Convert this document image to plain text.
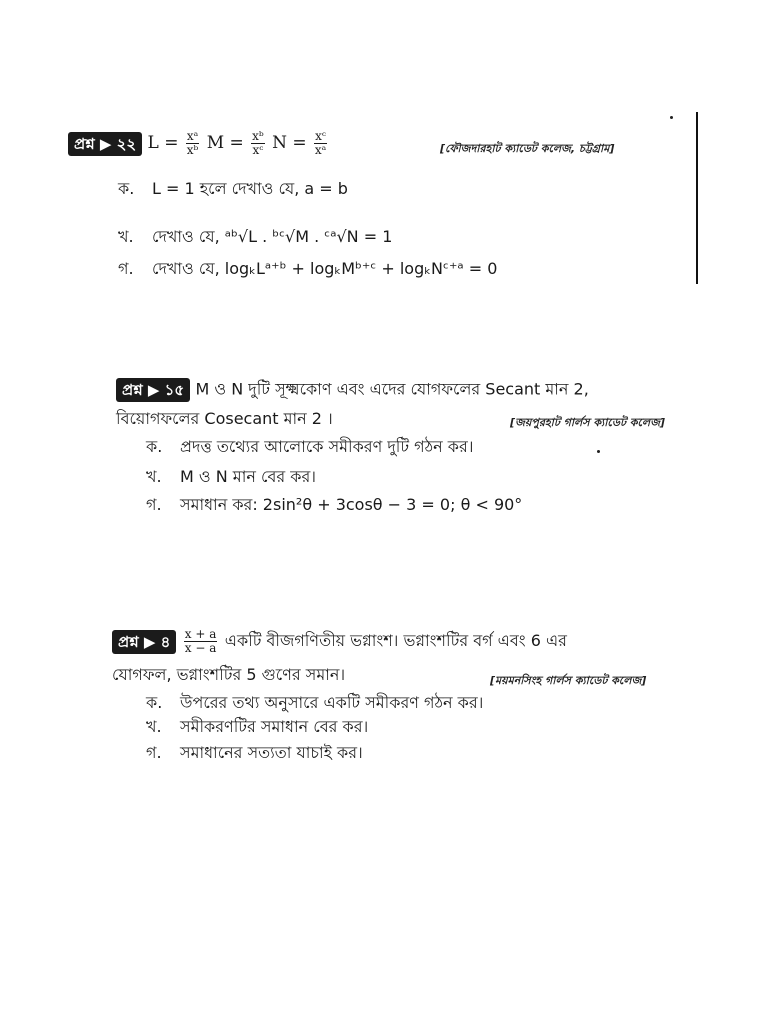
প্রশ্ন ▶ ২২ $L = \frac{\text{xᵃ}}{\text{xᵇ}}$ $M = \frac{\text{xᵇ}}{\text{xᶜ}}$ $N = \frac{\text{xᶜ}}{\text{xᵃ}}$	[ফৌজদারহাট ক্যাডেট কলেজ, চট্টগ্রাম]
ক. L = 1 হলে দেখাও যে, a = b
খ. দেখাও যে, ᵃᵇ√L . ᵇᶜ√M . ᶜᵃ√N = 1
গ. দেখাও যে, logₖLᵃ⁺ᵇ + logₖMᵇ⁺ᶜ + logₖNᶜ⁺ᵃ = 0
প্রশ্ন ▶ ১৫ M ও N দুটি সূক্ষ্মকোণ এবং এদের যোগফলের Secant মান 2,
বিয়োগফলের Cosecant মান 2 ।	[জয়পুরহাট গার্লস ক্যাডেট কলেজ]
ক. প্রদত্ত তথ্যের আলোকে সমীকরণ দুটি গঠন কর।
খ. M ও N মান বের কর।
গ. সমাধান কর: 2sin²θ + 3cosθ − 3 = 0; θ < 90°
প্রশ্ন ▶ ৪ $\frac{x + a}{x - a}$ একটি বীজগণিতীয় ভগ্নাংশ। ভগ্নাংশটির বর্গ এবং 6 এর
যোগফল, ভগ্নাংশটির 5 গুণের সমান।	[ময়মনসিংহ গার্লস ক্যাডেট কলেজ]
ক. উপরের তথ্য অনুসারে একটি সমীকরণ গঠন কর।
খ. সমীকরণটির সমাধান বের কর।
গ. সমাধানের সত্যতা যাচাই কর।
